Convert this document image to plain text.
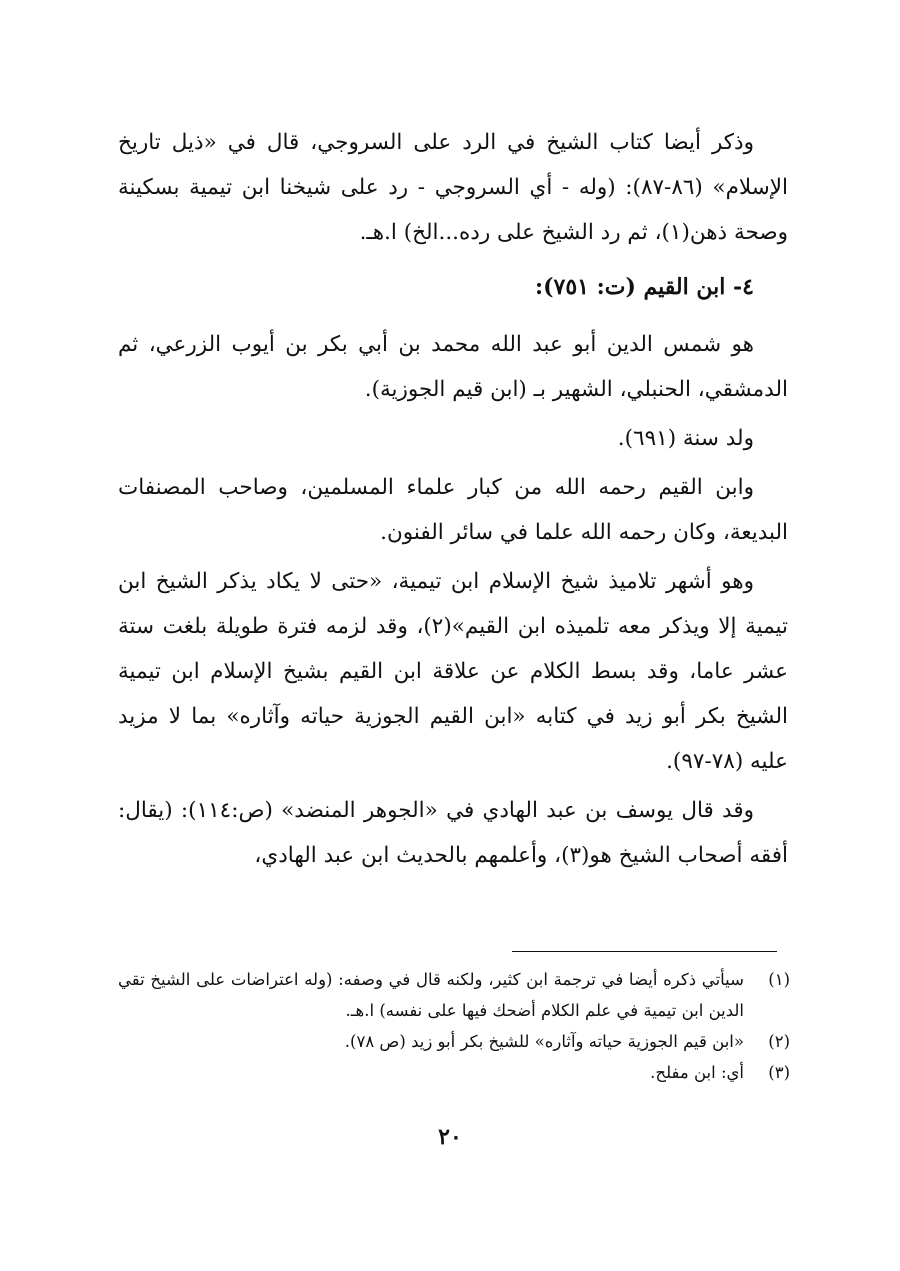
وذكر أيضا كتاب الشيخ في الرد على السروجي، قال في «ذيل تاريخ الإسلام» (٨٦-٨٧): (وله - أي السروجي - رد على شيخنا ابن تيمية بسكينة وصحة ذهن(١)، ثم رد الشيخ على رده...الخ) ا.هـ.

٤- ابن القيم (ت: ٧٥١):

هو شمس الدين أبو عبد الله محمد بن أبي بكر بن أيوب الزرعي، ثم الدمشقي، الحنبلي، الشهير بـ (ابن قيم الجوزية).

ولد سنة (٦٩١).

وابن القيم رحمه الله من كبار علماء المسلمين، وصاحب المصنفات البديعة، وكان رحمه الله علما في سائر الفنون.

وهو أشهر تلاميذ شيخ الإسلام ابن تيمية، «حتى لا يكاد يذكر الشيخ ابن تيمية إلا ويذكر معه تلميذه ابن القيم»(٢)، وقد لزمه فترة طويلة بلغت ستة عشر عاما، وقد بسط الكلام عن علاقة ابن القيم بشيخ الإسلام ابن تيمية الشيخ بكر أبو زيد في كتابه «ابن القيم الجوزية حياته وآثاره» بما لا مزيد عليه (٧٨-٩٧).

وقد قال يوسف بن عبد الهادي في «الجوهر المنضد» (ص:١١٤): (يقال: أفقه أصحاب الشيخ هو(٣)، وأعلمهم بالحديث ابن عبد الهادي،

(١)
سيأتي ذكره أيضا في ترجمة ابن كثير، ولكنه قال في وصفه: (وله اعتراضات على الشيخ تقي الدين ابن تيمية في علم الكلام أضحك فيها على نفسه) ا.هـ.
(٢)
«ابن قيم الجوزية حياته وآثاره» للشيخ بكر أبو زيد (ص ٧٨).
(٣)
أي: ابن مفلح.
٢٠
